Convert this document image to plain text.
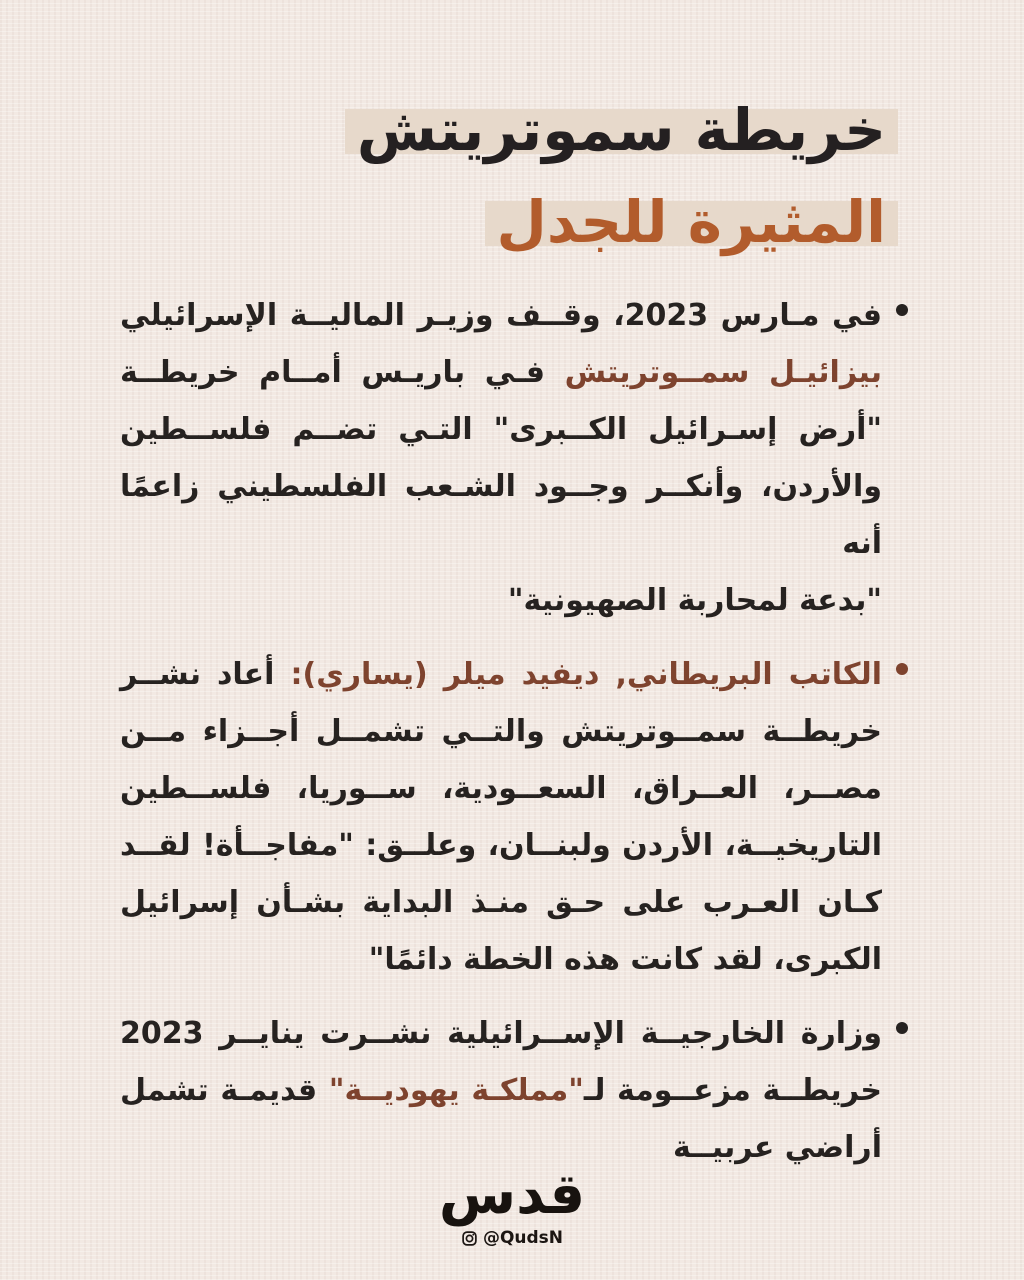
خريطة سموتريتش
المثيرة للجدل
في مـارس 2023، وقــف وزيـر الماليــة الإسرائيلي
بيزائيـل سمــوتريتش فـي باريـس أمــام خريطــة
"أرض إسـرائيل الكــبرى" التـي تضــم فلســطين
والأردن، وأنكــر وجــود الشـعب الفلسطيني زاعمًا أنه
"بدعة لمحاربة الصهيونية"
الكاتب البريطاني, ديفيد ميلر (يساري): أعاد نشــر
خريطــة سمــوتريتش والتــي تشمــل أجــزاء مــن
مصــر، العــراق، السعــودية، ســوريا، فلســطين
التاريخيــة، الأردن ولبنــان، وعلــق: "مفاجــأة! لقــد
كـان العـرب على حـق منـذ البداية بشـأن إسرائيل
الكبرى، لقد كانت هذه الخطة دائمًا"
وزارة الخارجيــة الإســرائيلية نشــرت ينايــر 2023
خريطــة مزعــومة لـ"مملكـة يهوديــة" قديمـة تشمل
أراضي عربيــة
قدس
@QudsN
